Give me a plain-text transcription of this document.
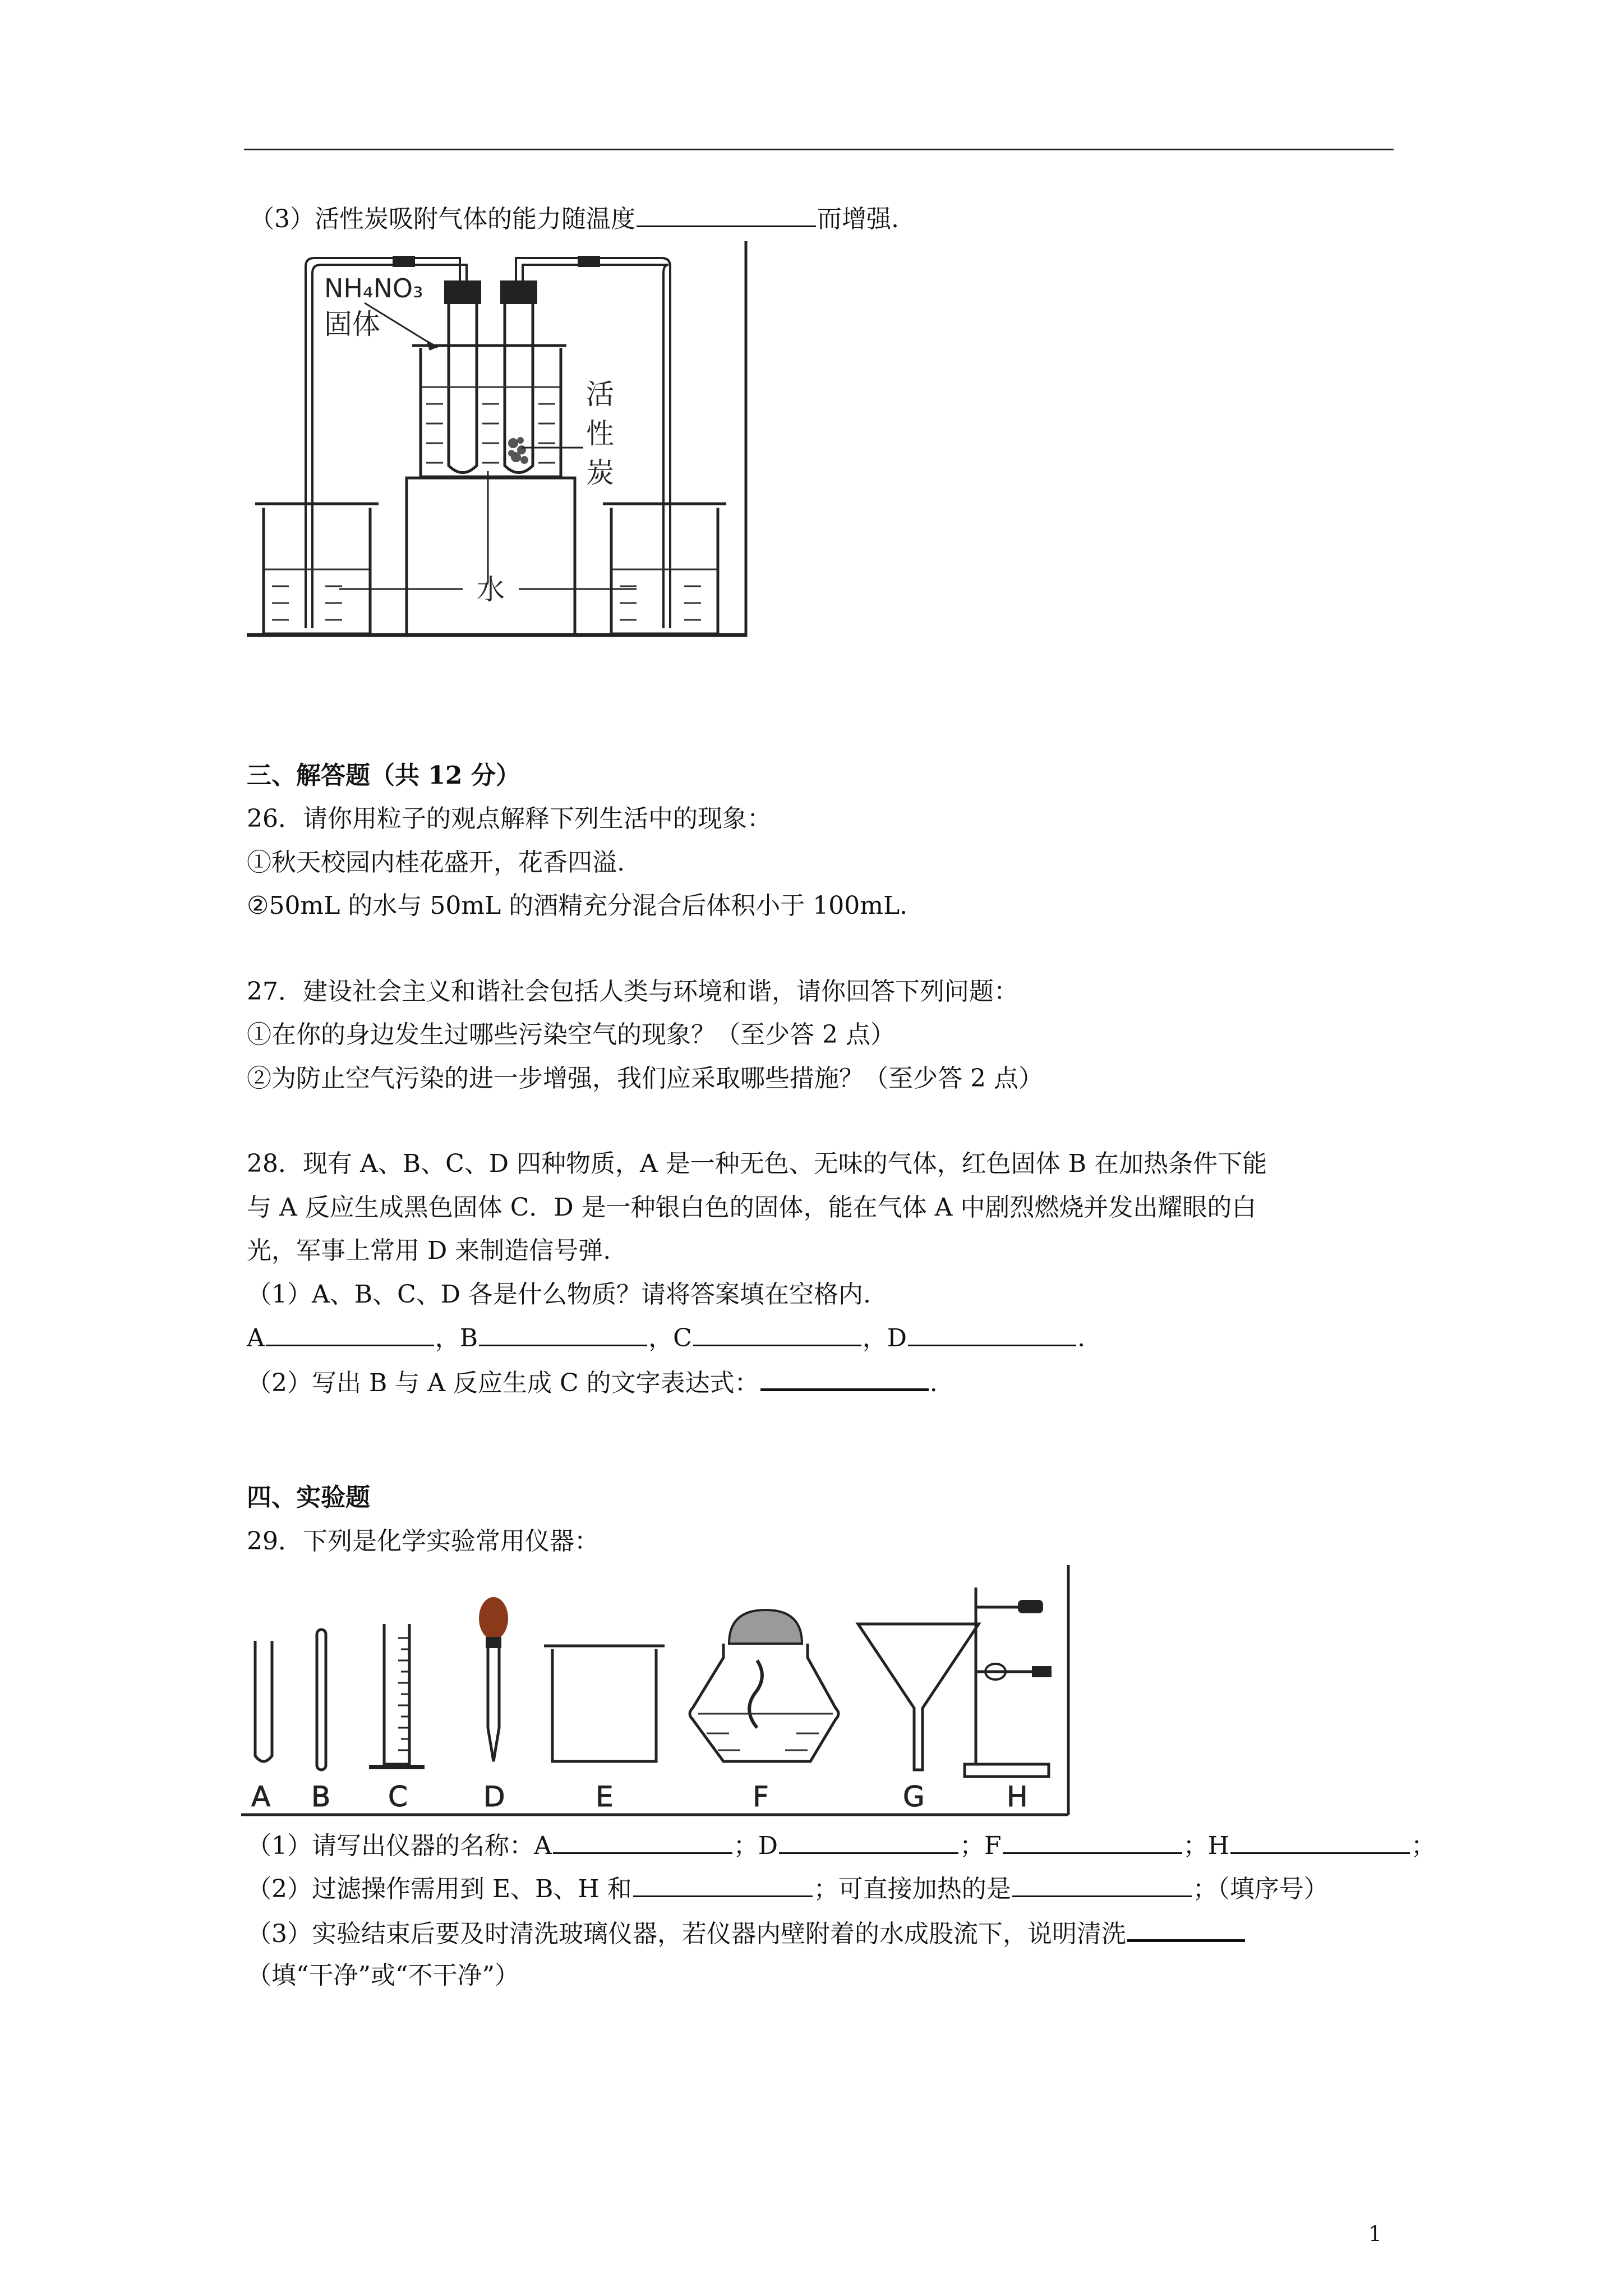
（3）活性炭吸附气体的能力随温度	而增强.
NH₄NO₃
固体
活
性
炭
水
三、解答题（共 12 分）
26．请你用粒子的观点解释下列生活中的现象：
①秋天校园内桂花盛开，花香四溢.
②50mL 的水与 50mL 的酒精充分混合后体积小于 100mL.
27．建设社会主义和谐社会包括人类与环境和谐，请你回答下列问题：
①在你的身边发生过哪些污染空气的现象？（至少答 2 点）
②为防止空气污染的进一步增强，我们应采取哪些措施？（至少答 2 点）
28．现有 A、B、C、D 四种物质，A 是一种无色、无味的气体，红色固体 B 在加热条件下能
与 A 反应生成黑色固体 C．D 是一种银白色的固体，能在气体 A 中剧烈燃烧并发出耀眼的白
光，军事上常用 D 来制造信号弹.
（1）A、B、C、D 各是什么物质？请将答案填在空格内.
A	，B	，C	，D	.
（2）写出 B 与 A 反应生成 C 的文字表达式：	.
四、实验题
29．下列是化学实验常用仪器：
A B C	D	E	F	G	H
（1）请写出仪器的名称：A	；D	；F	；H	；
（2）过滤操作需用到 E、B、H 和	；可直接加热的是	；（填序号）
（3）实验结束后要及时清洗玻璃仪器，若仪器内壁附着的水成股流下，说明清洗
（填“干净”或“不干净”）
1
